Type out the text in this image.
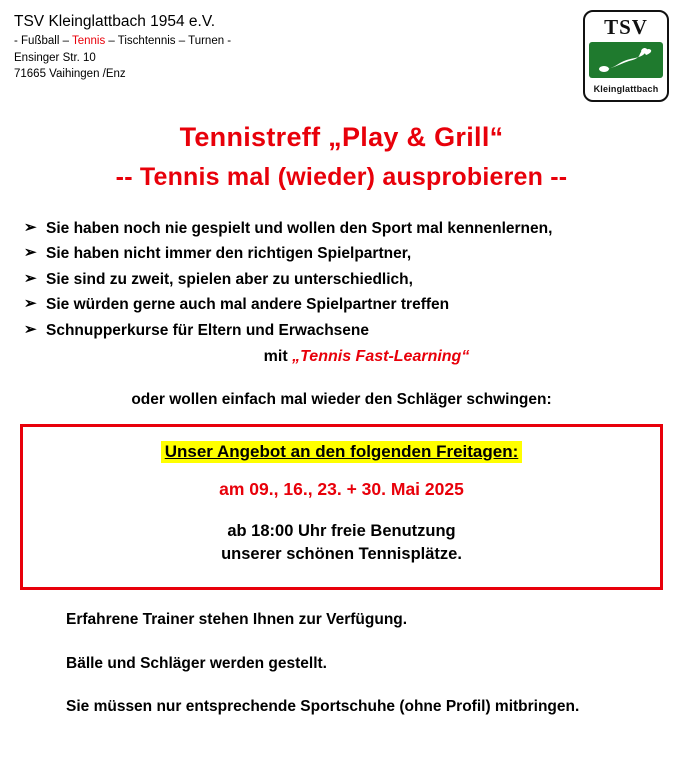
TSV Kleinglattbach 1954 e.V.
- Fußball – Tennis – Tischtennis – Turnen -
Ensinger Str. 10
71665 Vaihingen /Enz
TSV
Kleinglattbach
Tennistreff „Play & Grill“
-- Tennis mal (wieder) ausprobieren --
➢ Sie haben noch nie gespielt und wollen den Sport mal kennenlernen,
➢ Sie haben nicht immer den richtigen Spielpartner,
➢ Sie sind zu zweit, spielen aber zu unterschiedlich,
➢ Sie würden gerne auch mal andere Spielpartner treffen
➢ Schnupperkurse für Eltern und Erwachsene
mit „Tennis Fast-Learning“
oder wollen einfach mal wieder den Schläger schwingen:
Unser Angebot an den folgenden Freitagen:
am 09., 16., 23. + 30. Mai 2025
ab 18:00 Uhr freie Benutzung
unserer schönen Tennisplätze.
Erfahrene Trainer stehen Ihnen zur Verfügung.
Bälle und Schläger werden gestellt.
Sie müssen nur entsprechende Sportschuhe (ohne Profil) mitbringen.
